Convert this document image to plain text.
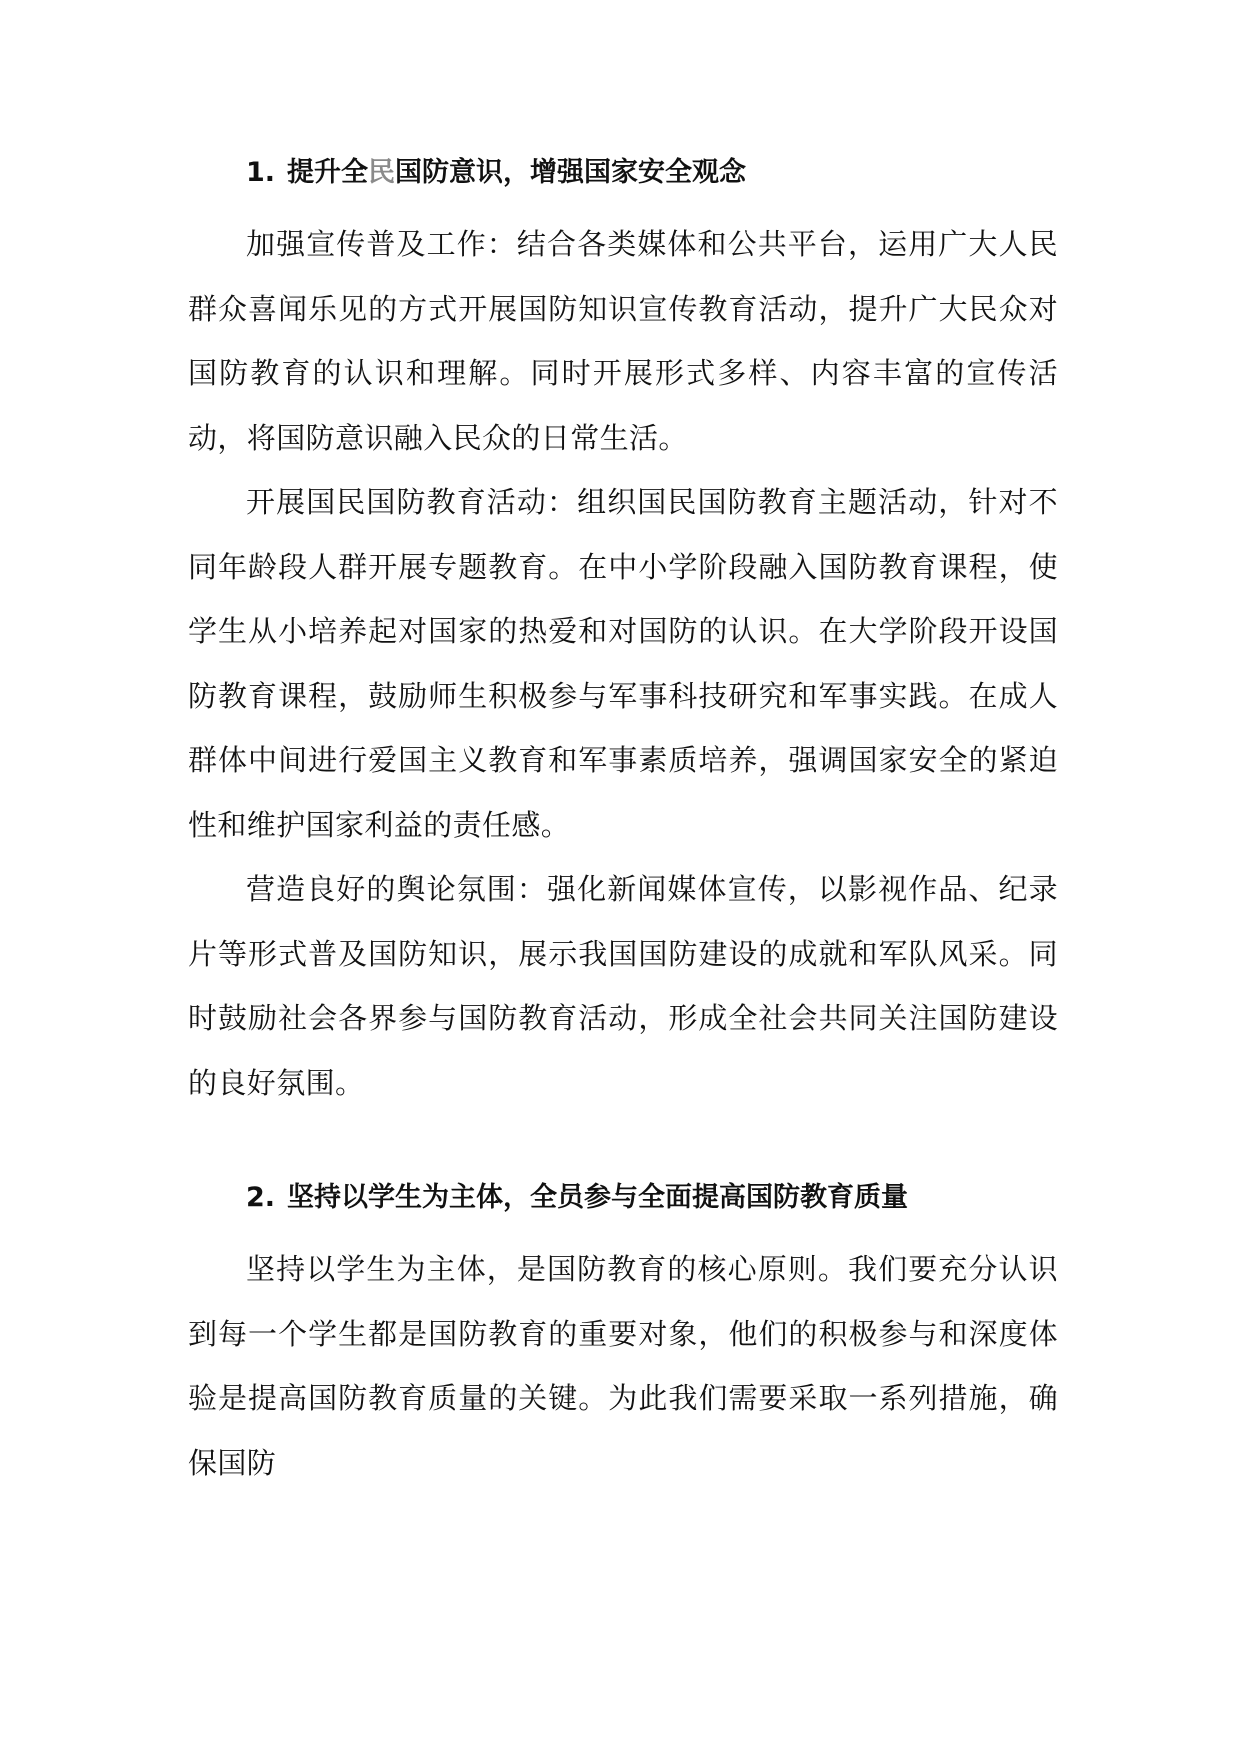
1. 提升全民国防意识，增强国家安全观念

加强宣传普及工作：结合各类媒体和公共平台，运用广大人民群众喜闻乐见的方式开展国防知识宣传教育活动，提升广大民众对国防教育的认识和理解。同时开展形式多样、内容丰富的宣传活动，将国防意识融入民众的日常生活。

开展国民国防教育活动：组织国民国防教育主题活动，针对不同年龄段人群开展专题教育。在中小学阶段融入国防教育课程，使学生从小培养起对国家的热爱和对国防的认识。在大学阶段开设国防教育课程，鼓励师生积极参与军事科技研究和军事实践。在成人群体中间进行爱国主义教育和军事素质培养，强调国家安全的紧迫性和维护国家利益的责任感。

营造良好的舆论氛围：强化新闻媒体宣传，以影视作品、纪录片等形式普及国防知识，展示我国国防建设的成就和军队风采。同时鼓励社会各界参与国防教育活动，形成全社会共同关注国防建设的良好氛围。

2. 坚持以学生为主体，全员参与全面提高国防教育质量

坚持以学生为主体，是国防教育的核心原则。我们要充分认识到每一个学生都是国防教育的重要对象，他们的积极参与和深度体验是提高国防教育质量的关键。为此我们需要采取一系列措施，确保国防
